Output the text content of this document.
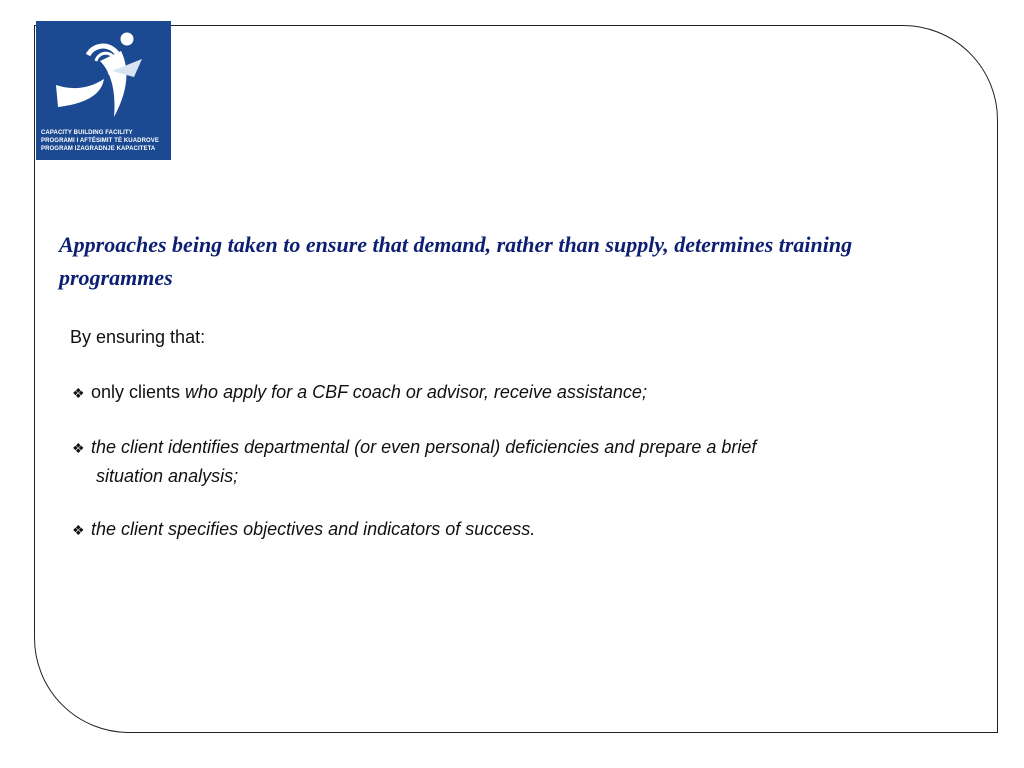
CAPACITY BUILDING FACILITY
PROGRAMI I AFTËSIMIT TË KUADROVE
PROGRAM IZAGRADNJE KAPACITETA
Approaches being taken to ensure that demand, rather than supply, determines training
programmes

By ensuring that:

❖ only clients who apply for a CBF coach or advisor, receive assistance;

❖ the client identifies departmental (or even personal) deficiencies and prepare a brief
situation analysis;

❖ the client specifies objectives and indicators of success.
